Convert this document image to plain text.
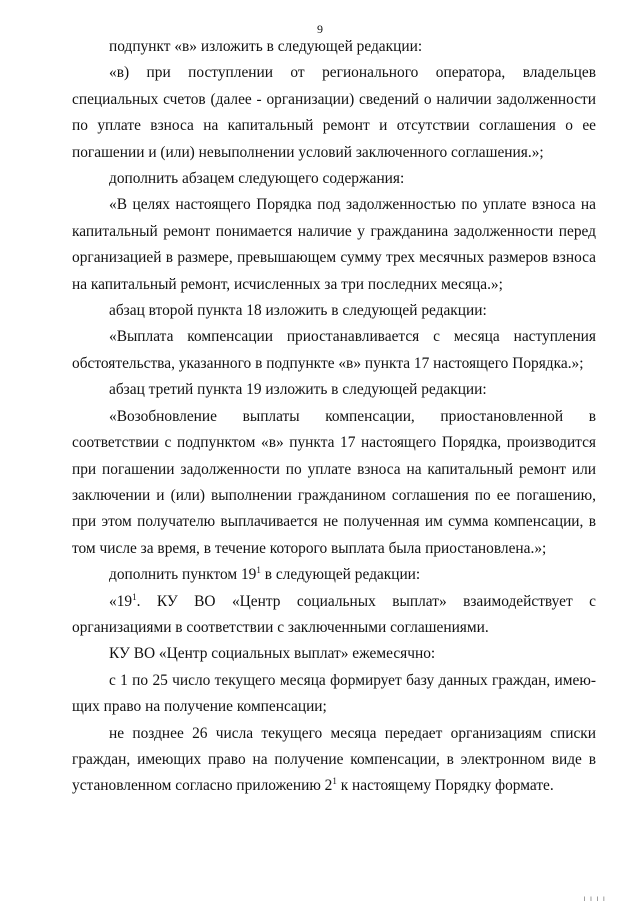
9

подпункт «в» изложить в следующей редакции:

«в) при поступлении от регионального оператора, владельцев специальных счетов (далее - организации) сведений о наличии задолженности по уплате взноса на капитальный ремонт и отсутствии соглашения о ее погашении и (или) невыполнении условий заключенного соглашения.»;

дополнить абзацем следующего содержания:

«В целях настоящего Порядка под задолженностью по уплате взноса на капитальный ремонт понимается наличие у гражданина задолженности перед организацией в размере, превышающем сумму трех месячных размеров взноса на капитальный ремонт, исчисленных за три последних месяца.»;

абзац второй пункта 18 изложить в следующей редакции:

«Выплата компенсации приостанавливается с месяца наступления обстоятельства, указанного в подпункте «в» пункта 17 настоящего Порядка.»;

абзац третий пункта 19 изложить в следующей редакции:

«Возобновление выплаты компенсации, приостановленной в соответствии с подпунктом «в» пункта 17 настоящего Порядка, производится при погашении задолженности по уплате взноса на капитальный ремонт или заключении и (или) выполнении гражданином соглашения по ее погашению, при этом получателю выплачивается не полученная им сумма компенсации, в том числе за время, в течение которого выплата была приостановлена.»;

дополнить пунктом $19^1$ в следующей редакции:

«$19^1$. КУ ВО «Центр социальных выплат» взаимодействует с организациями в соответствии с заключенными соглашениями.

КУ ВО «Центр социальных выплат» ежемесячно:

с 1 по 25 число текущего месяца формирует базу данных граждан, имеющих право на получение компенсации;

не позднее 26 числа текущего месяца передает организациям списки граждан, имеющих право на получение компенсации, в электронном виде в установленном согласно приложению $2^1$ к настоящему Порядку формате.

ı ı ı ı
